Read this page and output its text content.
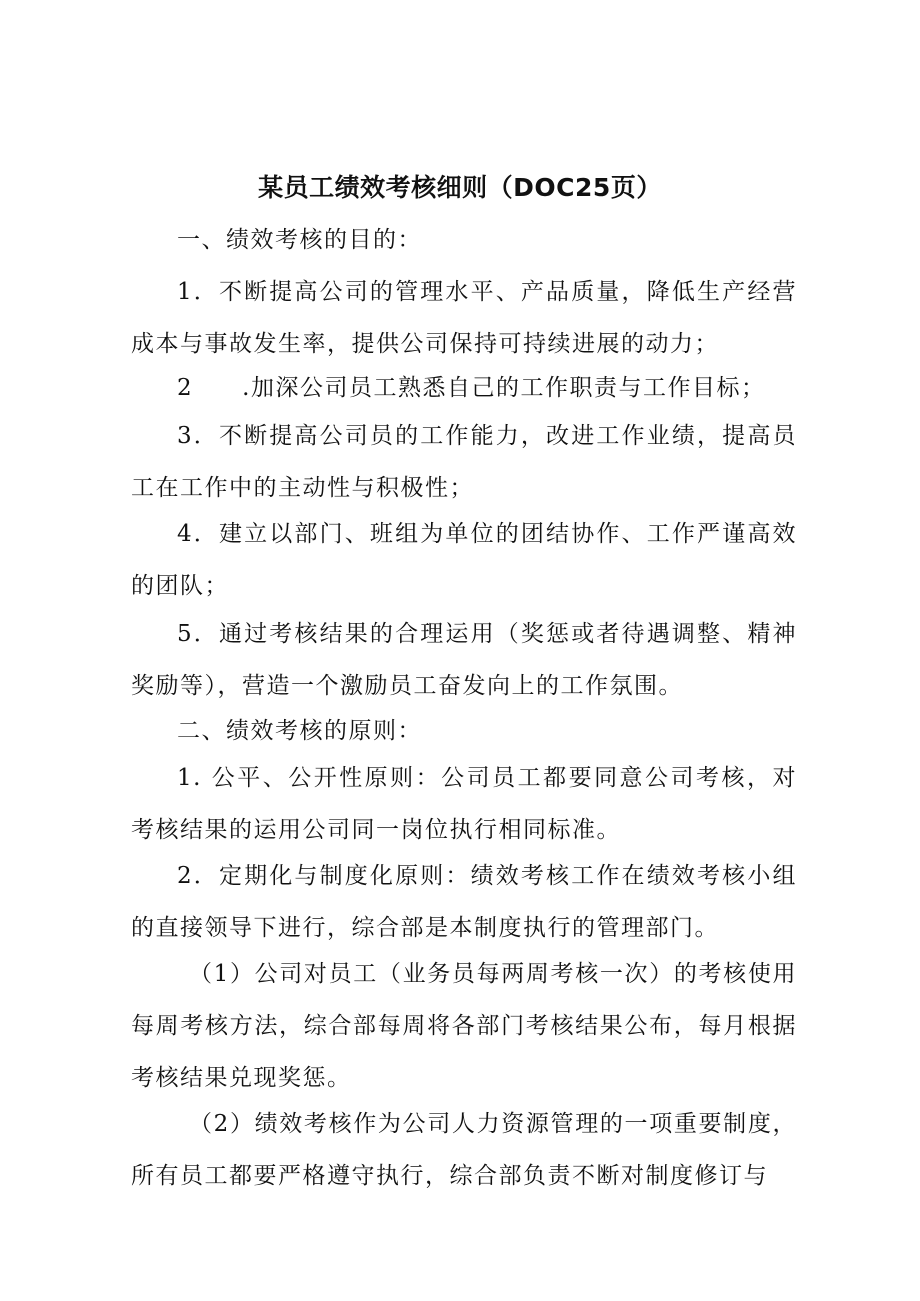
某员工绩效考核细则（DOC25页）
一、绩效考核的目的：
1．不断提高公司的管理水平、产品质量，降低生产经营成本与事故发生率，提供公司保持可持续进展的动力；
2　　.加深公司员工熟悉自己的工作职责与工作目标；
3．不断提高公司员的工作能力，改进工作业绩，提高员工在工作中的主动性与积极性；
4．建立以部门、班组为单位的团结协作、工作严谨高效的团队；
5．通过考核结果的合理运用（奖惩或者待遇调整、精神奖励等），营造一个激励员工奋发向上的工作氛围。
二、绩效考核的原则：
1. 公平、公开性原则：公司员工都要同意公司考核，对考核结果的运用公司同一岗位执行相同标准。
2．定期化与制度化原则：绩效考核工作在绩效考核小组的直接领导下进行，综合部是本制度执行的管理部门。
（1）公司对员工（业务员每两周考核一次）的考核使用每周考核方法，综合部每周将各部门考核结果公布，每月根据考核结果兑现奖惩。
（2）绩效考核作为公司人力资源管理的一项重要制度，所有员工都要严格遵守执行，综合部负责不断对制度修订与
